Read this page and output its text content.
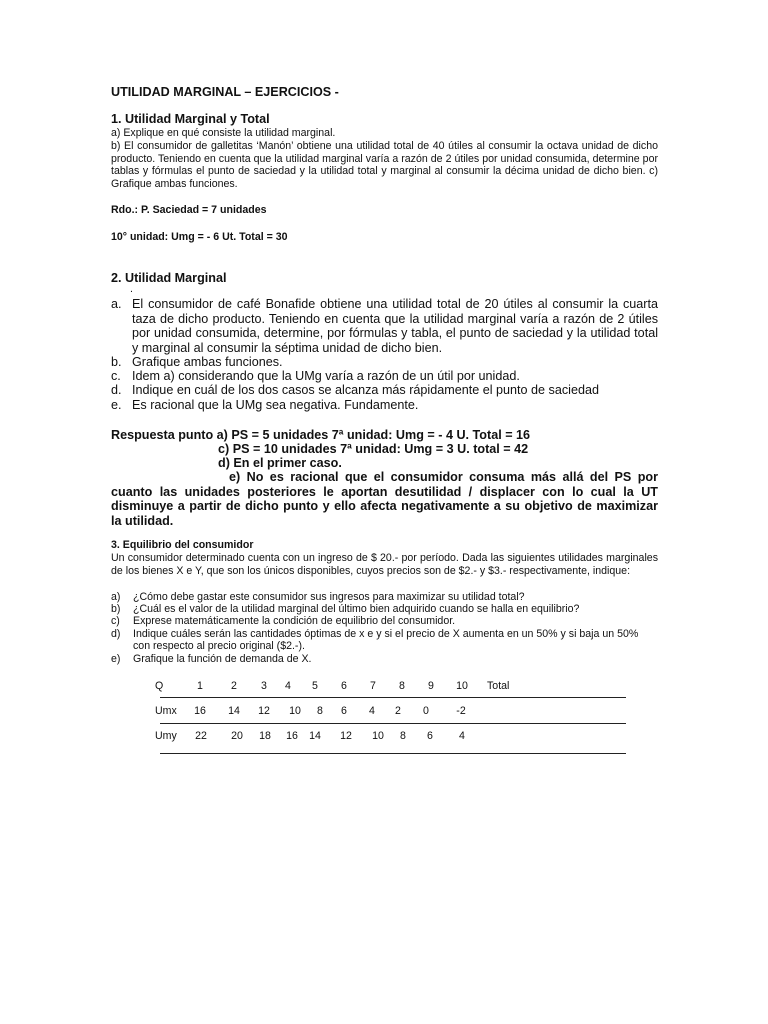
UTILIDAD MARGINAL – EJERCICIOS -
1. Utilidad Marginal y Total
a) Explique en qué consiste la utilidad marginal.
b) El consumidor de galletitas ‘Manón’ obtiene una utilidad total de 40 útiles al consumir la octava unidad de dicho producto. Teniendo en cuenta que la utilidad marginal varía a razón de 2 útiles por unidad consumida, determine por tablas y fórmulas el punto de saciedad y la utilidad total y marginal al consumir la décima unidad de dicho bien. c) Grafique ambas funciones.
Rdo.: P. Saciedad = 7 unidades
10° unidad: Umg = - 6 Ut. Total = 30
2. Utilidad Marginal
.
a. El consumidor de café Bonafide obtiene una utilidad total de 20 útiles al consumir la cuarta taza de dicho producto. Teniendo en cuenta que la utilidad marginal varía a razón de 2 útiles por unidad consumida, determine, por fórmulas y tabla, el punto de saciedad y la utilidad total y marginal al consumir la séptima unidad de dicho bien.
b. Grafique ambas funciones.
c. Idem a) considerando que la UMg varía a razón de un útil por unidad.
d. Indique en cuál de los dos casos se alcanza más rápidamente el punto de saciedad
e. Es racional que la UMg sea negativa. Fundamente.
Respuesta punto a) PS = 5 unidades 7ª unidad: Umg = - 4 U. Total = 16
c) PS = 10 unidades 7ª unidad: Umg = 3 U. total = 42
d) En el primer caso.
e) No es racional que el consumidor consuma más allá del PS por cuanto las unidades posteriores le aportan desutilidad / displacer con lo cual la UT disminuye a partir de dicho punto y ello afecta negativamente a su objetivo de maximizar la utilidad.
3. Equilibrio del consumidor
Un consumidor determinado cuenta con un ingreso de $ 20.- por período. Dada las siguientes utilidades marginales de los bienes X e Y, que son los únicos disponibles, cuyos precios son de $2.- y $3.- respectivamente, indique:
a) ¿Cómo debe gastar este consumidor sus ingresos para maximizar su utilidad total?
b) ¿Cuál es el valor de la utilidad marginal del último bien adquirido cuando se halla en equilibrio?
c) Exprese matemáticamente la condición de equilibrio del consumidor.
d) Indique cuáles serán las cantidades óptimas de x e y si el precio de X aumenta en un 50% y si baja un 50% con respecto al precio original ($2.-).
e) Grafique la función de demanda de X.
Q	1	2 3 4 5 6 7 8 9 10 Total
Umx 16 14 12 10 8 6 4 2 0	-2
Umy 22 20 18 16 14 12 10 8 6 4
